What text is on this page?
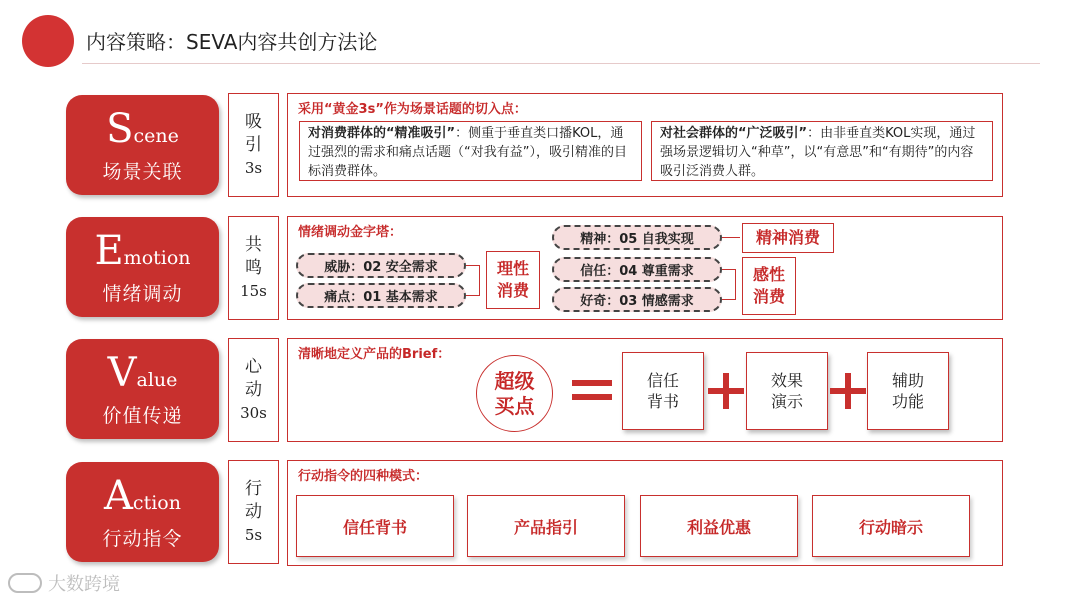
内容策略：SEVA内容共创方法论
Scene
场景关联
吸
引
3s
采用“黄金3s”作为场景话题的切入点：
对消费群体的“精准吸引”：侧重于垂直类口播KOL，通过强烈的需求和痛点话题（“对我有益”），吸引精准的目标消费群体。
对社会群体的“广泛吸引”：由非垂直类KOL实现，通过强场景逻辑切入“种草”，以“有意思”和“有期待”的内容吸引泛消费人群。
Emotion
情绪调动
共
鸣
15s
情绪调动金字塔：
威胁：02 安全需求
痛点：01 基本需求
理性
消费
精神：05 自我实现
信任：04 尊重需求
好奇：03 情感需求
精神消费
感性
消费
Value
价值传递
心
动
30s
清晰地定义产品的Brief：
超级
买点
信任
背书
效果
演示
辅助
功能
Action
行动指令
行
动
5s
行动指令的四种模式：
信任背书	产品指引	利益优惠	行动暗示
大数跨境
